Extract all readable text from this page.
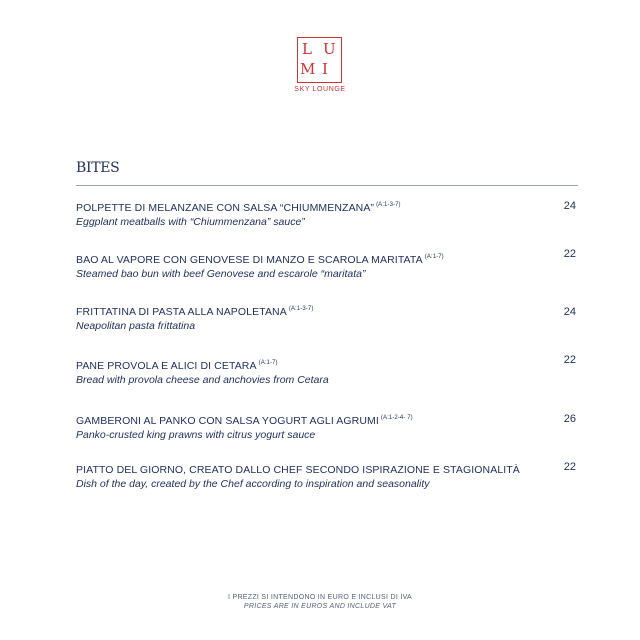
L U
M I
SKY LOUNGE
BITES
POLPETTE DI MELANZANE CON SALSA “CHIUMMENZANA” $^{(A:1-3-7)}$
Eggplant meatballs with “Chiummenzana” sauce”
24
BAO AL VAPORE CON GENOVESE DI MANZO E SCAROLA MARITATA $^{(A:1-7)}$
Steamed bao bun with beef Genovese and escarole “maritata”
22
FRITTATINA DI PASTA ALLA NAPOLETANA $^{(A:1-3-7)}$
Neapolitan pasta frittatina
24
PANE PROVOLA E ALICI DI CETARA $^{(A:1-7)}$
Bread with provola cheese and anchovies from Cetara
22
GAMBERONI AL PANKO CON SALSA YOGURT AGLI AGRUMI $^{(A:1-2-4- 7)}$
Panko-crusted king prawns with citrus yogurt sauce
26
PIATTO DEL GIORNO, CREATO DALLO CHEF SECONDO ISPIRAZIONE E STAGIONALITÀ
Dish of the day, created by the Chef according to inspiration and seasonality
22
I PREZZI SI INTENDONO IN EURO E INCLUSI DI IVA
PRICES ARE IN EUROS AND INCLUDE VAT
